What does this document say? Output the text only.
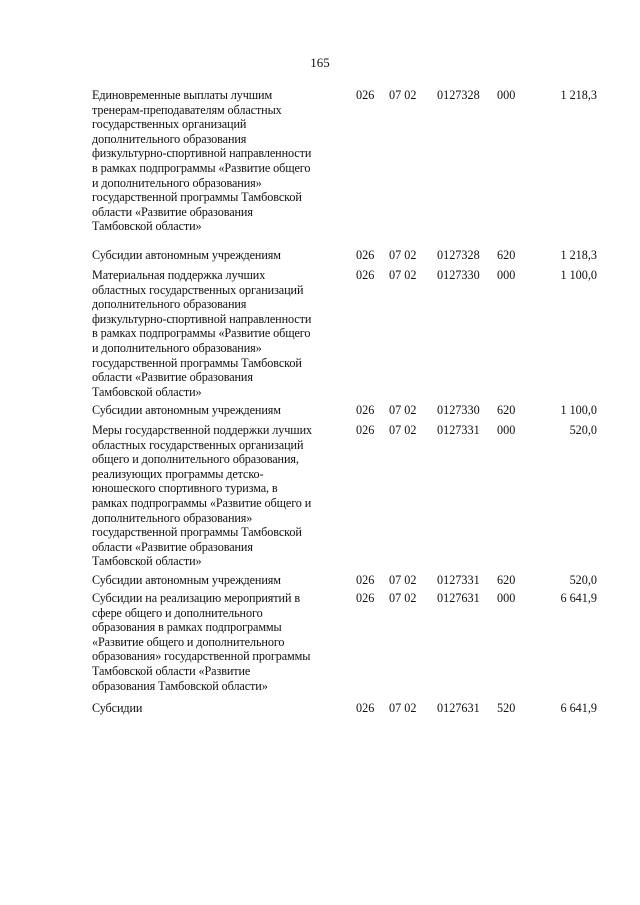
165
Единовременные выплаты лучшим
тренерам-преподавателям областных
государственных организаций
дополнительного образования
физкультурно-спортивной направленности
в рамках подпрограммы «Развитие общего
и дополнительного образования»
государственной программы Тамбовской
области «Развитие образования
Тамбовской области»
026 07 02 0127328 000	1 218,3
Субсидии автономным учреждениям	026 07 02 0127328 620	1 218,3
Материальная поддержка лучших
областных государственных организаций
дополнительного образования
физкультурно-спортивной направленности
в рамках подпрограммы «Развитие общего
и дополнительного образования»
государственной программы Тамбовской
области «Развитие образования
Тамбовской области»
026 07 02 0127330 000	1 100,0
Субсидии автономным учреждениям	026 07 02 0127330 620	1 100,0
Меры государственной поддержки лучших
областных государственных организаций
общего и дополнительного образования,
реализующих программы детско-
юношеского спортивного туризма, в
рамках подпрограммы «Развитие общего и
дополнительного образования»
государственной программы Тамбовской
области «Развитие образования
Тамбовской области»
026 07 02 0127331 000	520,0
Субсидии автономным учреждениям	026 07 02 0127331 620	520,0
Субсидии на реализацию мероприятий в
сфере общего и дополнительного
образования в рамках подпрограммы
«Развитие общего и дополнительного
образования» государственной программы
Тамбовской области «Развитие
образования Тамбовской области»
026 07 02 0127631 000	6 641,9
Субсидии	026 07 02 0127631 520	6 641,9
